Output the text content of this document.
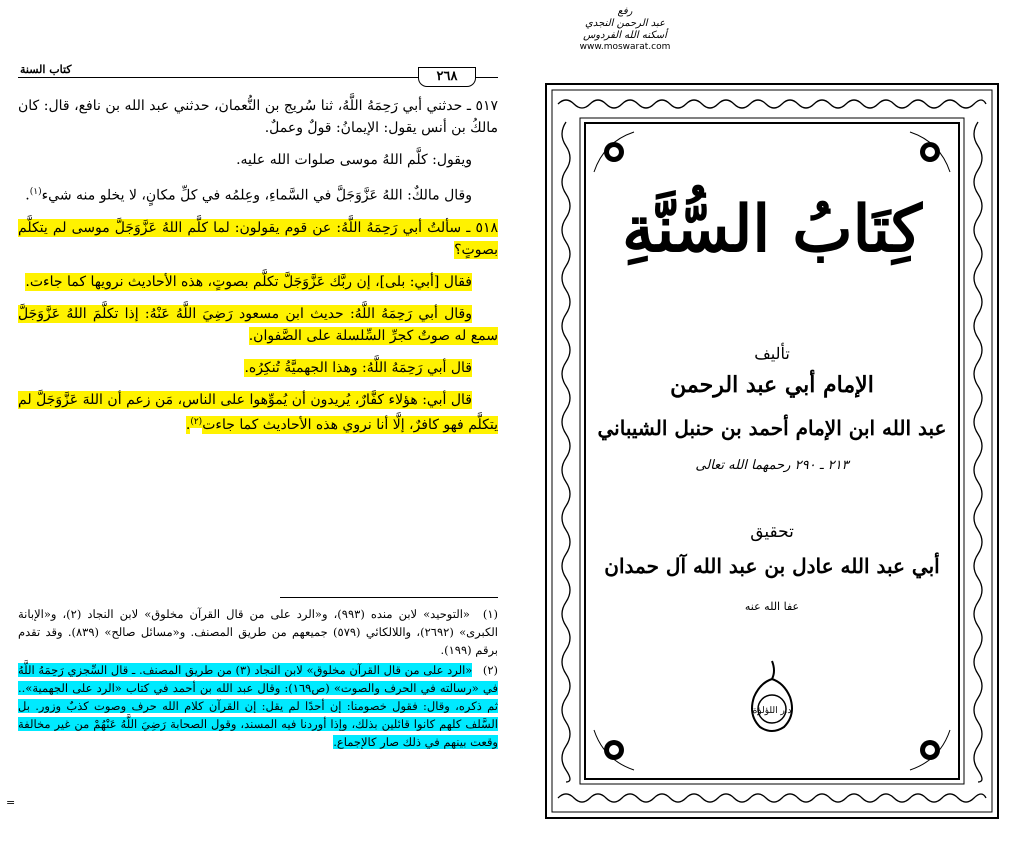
كتاب السنة	٢٦٨

٥١٧ ـ حدثني أبي رَحِمَهُ اللَّهُ، ثنا سُريج بن النُّعمان، حدثني عبد الله بن نافع، قال: كان مالكُ بن أنس يقول: الإيمانُ: قولٌ وعملٌ.

ويقول: كلَّم اللهُ موسى صلوات الله عليه.

وقال مالكٌ: اللهُ عَزَّوَجَلَّ في السَّماءِ، وعِلمُه في كلِّ مكانٍ، لا يخلو منه شيء$^{(١)}$.

٥١٨ ـ سألتُ أبي رَحِمَهُ اللَّهُ: عن قوم يقولون: لما كلَّم اللهُ عَزَّوَجَلَّ موسى لم يتكلَّم بصوتٍ؟

فقال [أبي: بلى]، إن ربَّك عَزَّوَجَلَّ تكلَّم بصوتٍ، هذه الأحاديث نرويها كما جاءت.

وقال أبي رَحِمَهُ اللَّهُ: حديث ابن مسعود رَضِيَ اللَّهُ عَنْهُ: إذا تكلَّمَ اللهُ عَزَّوَجَلَّ سمع له صوتٌ كجرِّ السِّلسلة على الصَّفوان.

قال أبي رَحِمَهُ اللَّهُ: وهذا الجهميَّةُ تُنكِرُه.

قال أبي: هؤلاء كفَّارٌ، يُريدون أن يُموِّهوا على الناس، مَن زعم أن اللهَ عَزَّوَجَلَّ لم يتكلَّم فهو كافرٌ، إلَّا أنا نروي هذه الأحاديث كما جاءت$^{(٢)}$.

(١) «التوحيد» لابن منده (٩٩٣)، و«الرد على من قال القرآن مخلوق» لابن النجاد (٢)، و«الإبانة الكبرى» (٢٦٩٢)، واللالكائي (٥٧٩) جميعهم من طريق المصنف. و«مسائل صالح» (٨٣٩). وقد تقدم برقم (١٩٩).

(٢) «الرد على من قال القرآن مخلوق» لابن النجاد (٣) من طريق المصنف. ـ قال السِّجزي رَحِمَهُ اللَّهُ في «رسالته في الحرف والصوت» (ص١٦٩): وقال عبد الله بن أحمد في كتاب «الرد على الجهمية».. ثم ذكره، وقال: فقول خصومنا: إن أحدًا لم يقل: إن القرآن كلام الله حرف وصوت كذبٌ وزور. بل السَّلف كلهم كانوا قائلين بذلك، وإذا أوردنا فيه المسند، وقول الصحابة رَضِيَ اللَّهُ عَنْهُمْ من غير مخالفة وقعت بينهم في ذلك صار كالإجماع.

=
رفع
عبد الرحمن النجدي
أسكنه الله الفردوس
www.moswarat.com
كِتَابُ السُّنَّةِ
تأليف
الإمام أبي عبد الرحمن
عبد الله ابن الإمام أحمد بن حنبل الشيباني
٢١٣ ـ ٢٩٠ رحمهما الله تعالى
تحقيق
أبي عبد الله عادل بن عبد الله آل حمدان
عفا الله عنه
دار اللؤلؤة
